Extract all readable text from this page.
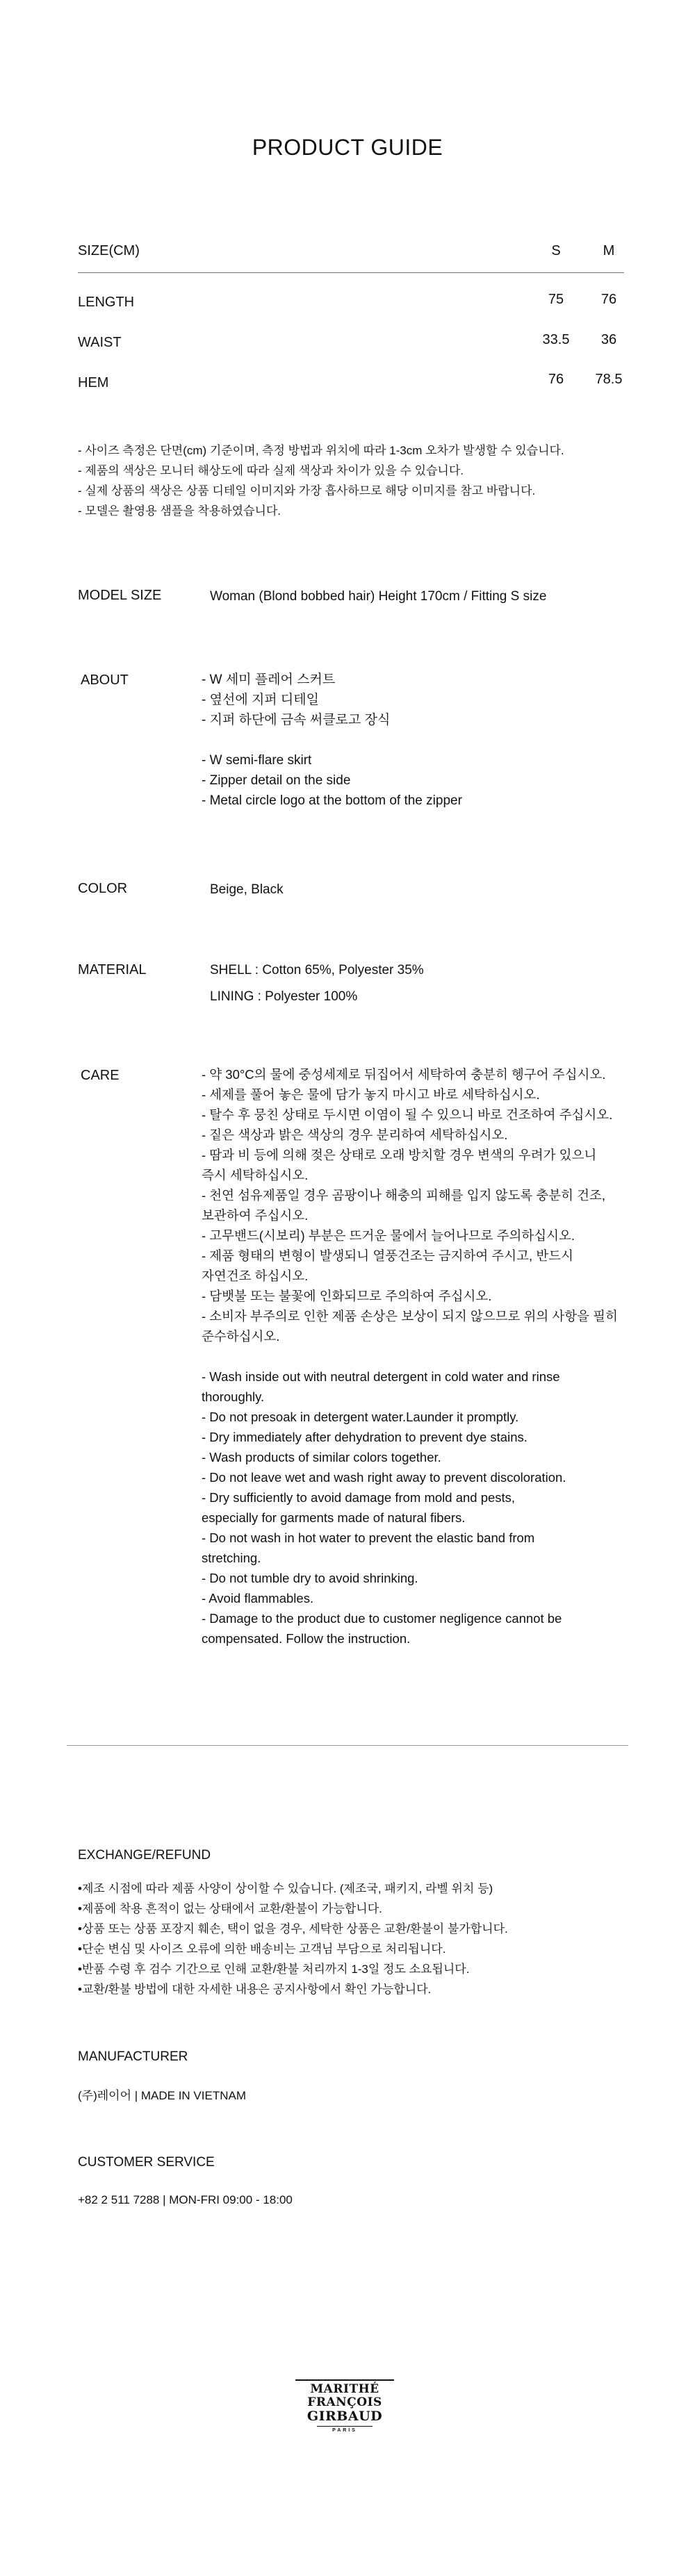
PRODUCT GUIDE
SIZE(CM)	S	M
LENGTH	75	76
WAIST	33.5	36
HEM	76	78.5
- 사이즈 측정은 단면(cm) 기준이며, 측정 방법과 위치에 따라 1-3cm 오차가 발생할 수 있습니다.
- 제품의 색상은 모니터 해상도에 따라 실제 색상과 차이가 있을 수 있습니다.
- 실제 상품의 색상은 상품 디테일 이미지와 가장 흡사하므로 해당 이미지를 참고 바랍니다.
- 모델은 촬영용 샘플을 착용하였습니다.
MODEL SIZE	Woman (Blond bobbed hair) Height 170cm / Fitting S size
ABOUT	- W 세미 플레어 스커트
- 옆선에 지퍼 디테일
- 지퍼 하단에 금속 써클로고 장식
- W semi-flare skirt
- Zipper detail on the side
- Metal circle logo at the bottom of the zipper
COLOR	Beige, Black
MATERIAL	SHELL : Cotton 65%, Polyester 35%
LINING : Polyester 100%
CARE	- 약 30°C의 물에 중성세제로 뒤집어서 세탁하여 충분히 헹구어 주십시오.
- 세제를 풀어 놓은 물에 담가 놓지 마시고 바로 세탁하십시오.
- 탈수 후 뭉친 상태로 두시면 이염이 될 수 있으니 바로 건조하여 주십시오.
- 짙은 색상과 밝은 색상의 경우 분리하여 세탁하십시오.
- 땀과 비 등에 의해 젖은 상태로 오래 방치할 경우 변색의 우려가 있으니
즉시 세탁하십시오.
- 천연 섬유제품일 경우 곰팡이나 해충의 피해를 입지 않도록 충분히 건조,
보관하여 주십시오.
- 고무밴드(시보리) 부분은 뜨거운 물에서 늘어나므로 주의하십시오.
- 제품 형태의 변형이 발생되니 열풍건조는 금지하여 주시고, 반드시
자연건조 하십시오.
- 담뱃불 또는 불꽃에 인화되므로 주의하여 주십시오.
- 소비자 부주의로 인한 제품 손상은 보상이 되지 않으므로 위의 사항을 필히
준수하십시오.
- Wash inside out with neutral detergent in cold water and rinse
thoroughly.
- Do not presoak in detergent water.Launder it promptly.
- Dry immediately after dehydration to prevent dye stains.
- Wash products of similar colors together.
- Do not leave wet and wash right away to prevent discoloration.
- Dry sufficiently to avoid damage from mold and pests,
especially for garments made of natural fibers.
- Do not wash in hot water to prevent the elastic band from
stretching.
- Do not tumble dry to avoid shrinking.
- Avoid flammables.
- Damage to the product due to customer negligence cannot be
compensated. Follow the instruction.
EXCHANGE/REFUND
•제조 시점에 따라 제품 사양이 상이할 수 있습니다. (제조국, 패키지, 라벨 위치 등)
•제품에 착용 흔적이 없는 상태에서 교환/환불이 가능합니다.
•상품 또는 상품 포장지 훼손, 택이 없을 경우, 세탁한 상품은 교환/환불이 불가합니다.
•단순 변심 및 사이즈 오류에 의한 배송비는 고객님 부담으로 처리됩니다.
•반품 수령 후 검수 기간으로 인해 교환/환불 처리까지 1-3일 정도 소요됩니다.
•교환/환불 방법에 대한 자세한 내용은 공지사항에서 확인 가능합니다.
MANUFACTURER
(주)레이어 | MADE IN VIETNAM
CUSTOMER SERVICE
+82 2 511 7288 | MON-FRI 09:00 - 18:00
MARITHÉ
FRANÇOIS
GIRBAUD
PARIS
